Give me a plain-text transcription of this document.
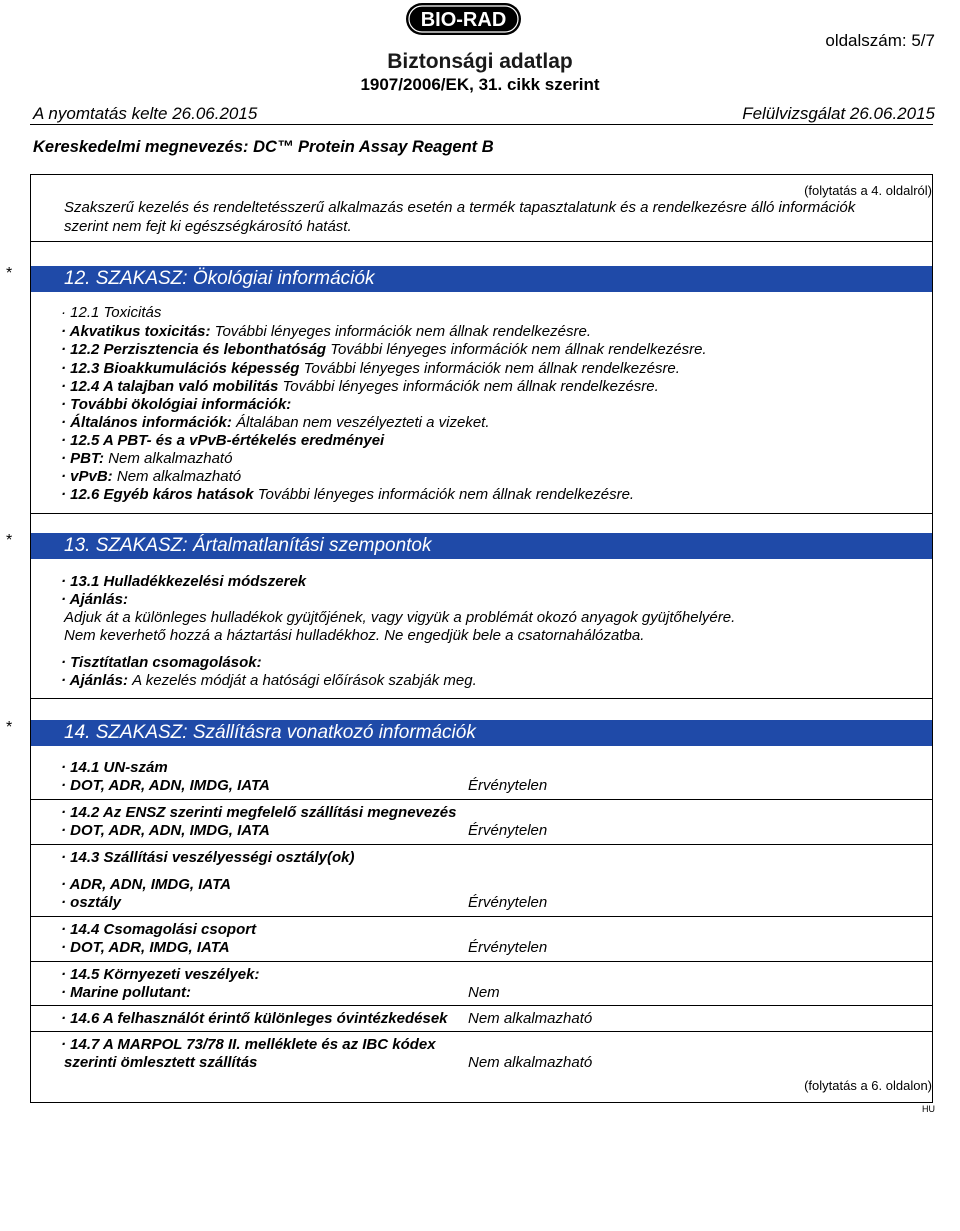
BIO-RAD
oldalszám: 5/7
Biztonsági adatlap
1907/2006/EK, 31. cikk szerint
A nyomtatás kelte 26.06.2015	Felülvizsgálat 26.06.2015
Kereskedelmi megnevezés: DC™ Protein Assay Reagent B
(folytatás a 4. oldalról)
Szakszerű kezelés és rendeltetésszerű alkalmazás esetén a termék tapasztalatunk és a rendelkezésre álló információk
szerint nem fejt ki egészségkárosító hatást.
12. SZAKASZ: Ökológiai információk
· 12.1 Toxicitás
· Akvatikus toxicitás: További lényeges információk nem állnak rendelkezésre.
· 12.2 Perzisztencia és lebonthatóság További lényeges információk nem állnak rendelkezésre.
· 12.3 Bioakkumulációs képesség További lényeges információk nem állnak rendelkezésre.
· 12.4 A talajban való mobilitás További lényeges információk nem állnak rendelkezésre.
· További ökológiai információk:
· Általános információk: Általában nem veszélyezteti a vizeket.
· 12.5 A PBT- és a vPvB-értékelés eredményei
· PBT: Nem alkalmazható
· vPvB: Nem alkalmazható
· 12.6 Egyéb káros hatások További lényeges információk nem állnak rendelkezésre.
13. SZAKASZ: Ártalmatlanítási szempontok
· 13.1 Hulladékkezelési módszerek
· Ajánlás:
Adjuk át a különleges hulladékok gyüjtőjének, vagy vigyük a problémát okozó anyagok gyüjtőhelyére.
Nem keverhető hozzá a háztartási hulladékhoz. Ne engedjük bele a csatornahálózatba.
· Tisztítatlan csomagolások:
· Ajánlás: A kezelés módját a hatósági előírások szabják meg.
14. SZAKASZ: Szállításra vonatkozó információk
· 14.1 UN-szám
· DOT, ADR, ADN, IMDG, IATA	Érvénytelen
· 14.2 Az ENSZ szerinti megfelelő szállítási megnevezés
· DOT, ADR, ADN, IMDG, IATA	Érvénytelen
· 14.3 Szállítási veszélyességi osztály(ok)
· ADR, ADN, IMDG, IATA
· osztály	Érvénytelen
· 14.4 Csomagolási csoport
· DOT, ADR, IMDG, IATA	Érvénytelen
· 14.5 Környezeti veszélyek:
· Marine pollutant:	Nem
· 14.6 A felhasználót érintő különleges óvintézkedések Nem alkalmazható
· 14.7 A MARPOL 73/78 II. melléklete és az IBC kódex
szerinti ömlesztett szállítás	Nem alkalmazható
(folytatás a 6. oldalon)
*
*
*
HU
